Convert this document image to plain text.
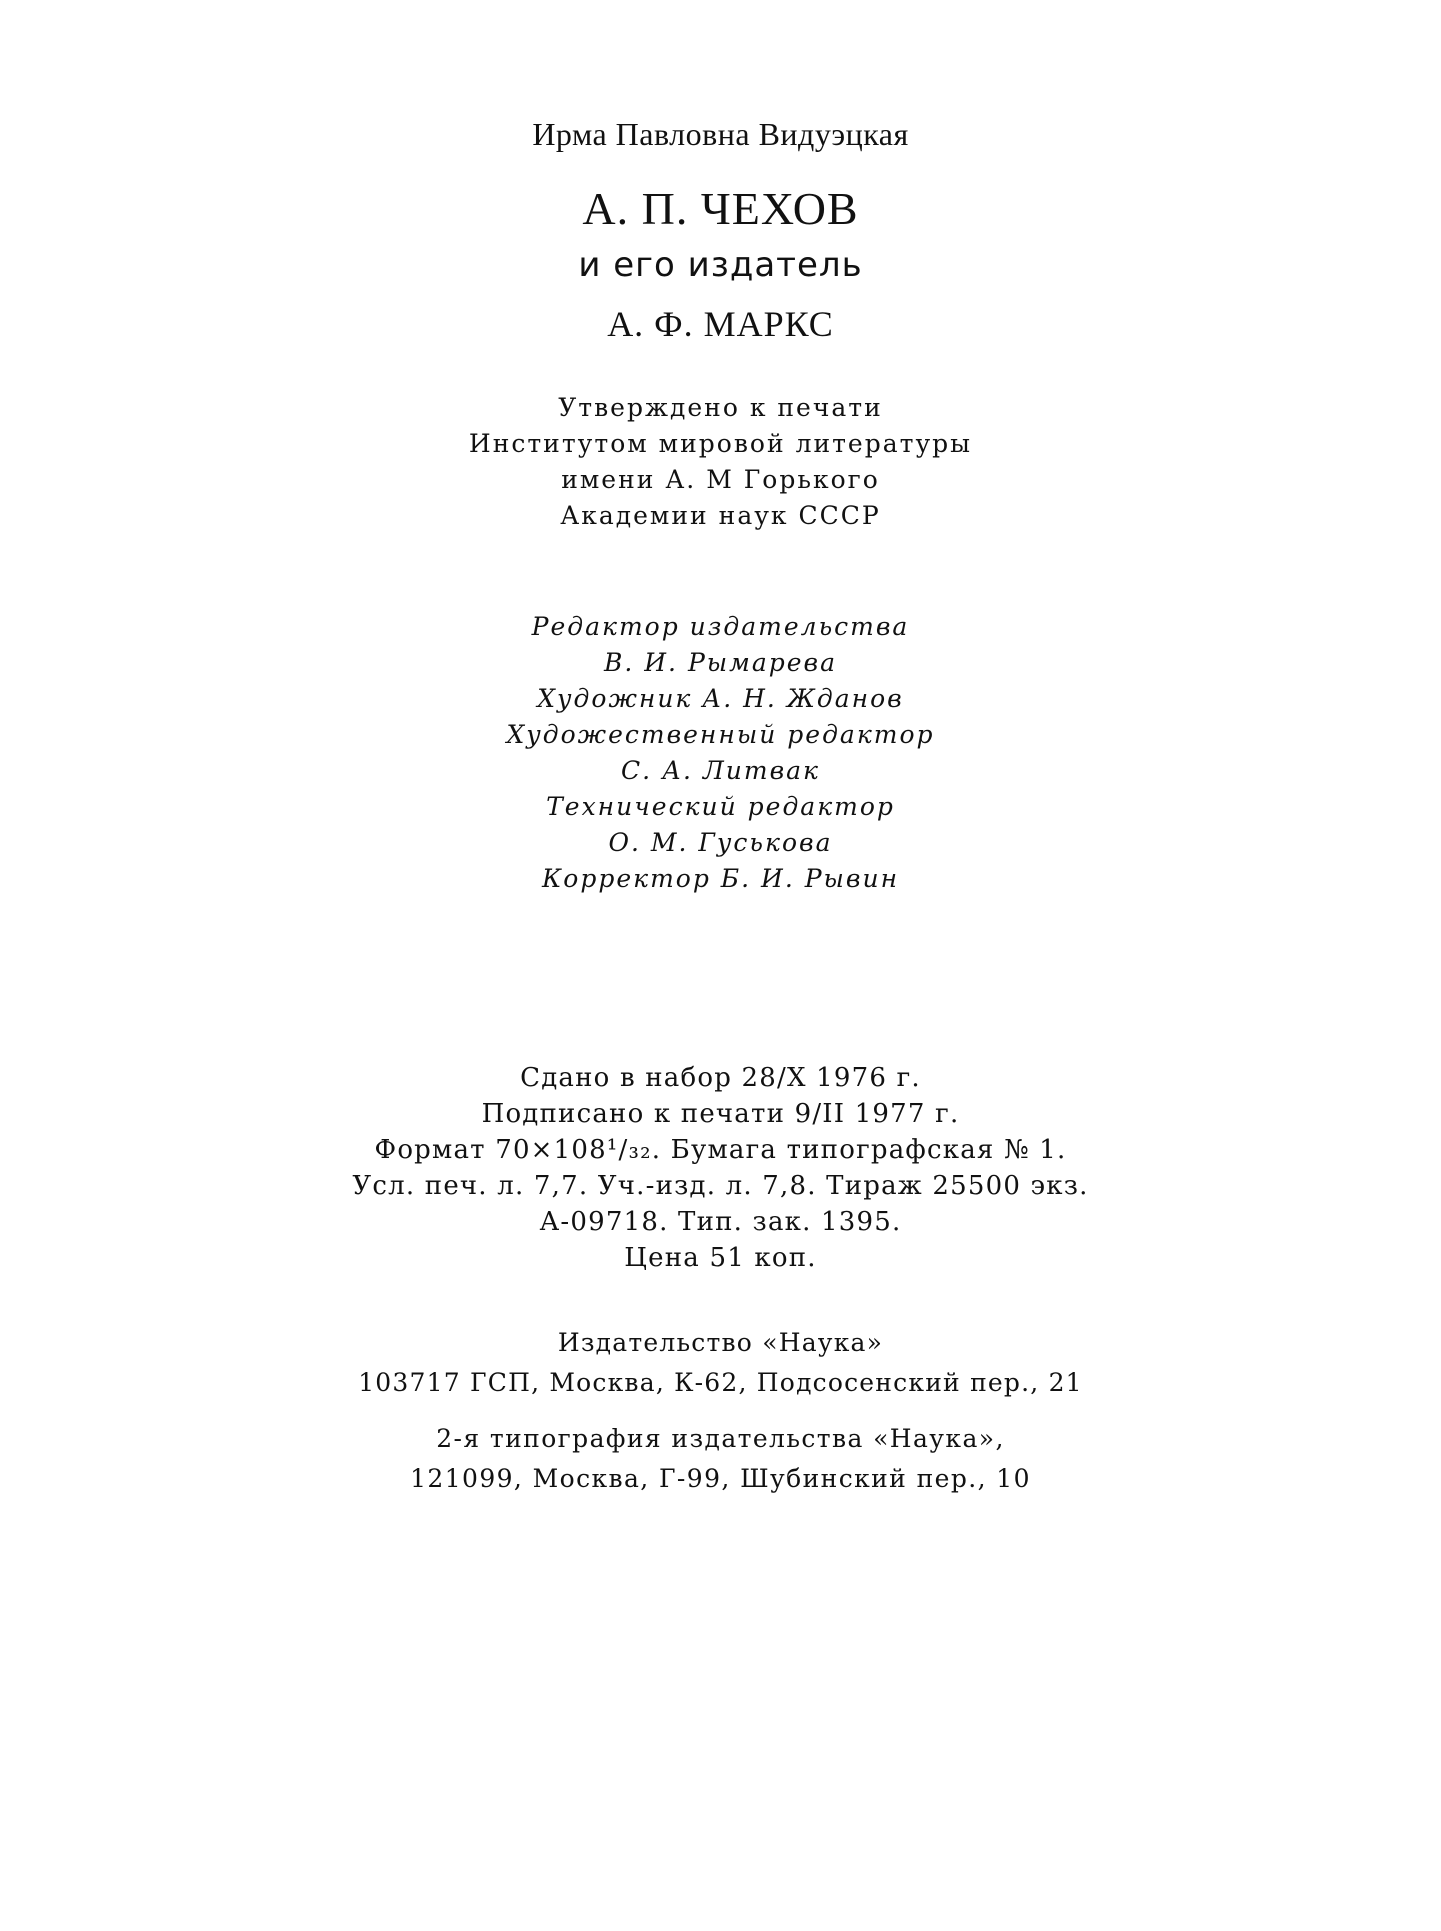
Ирма Павловна Видуэцкая
А. П. ЧЕХОВ
и его издатель
А. Ф. МАРКС
Утверждено к печати
Институтом мировой литературы
имени А. М Горького
Академии наук СССР
Редактор издательства
В. И. Рымарева
Художник А. Н. Жданов
Художественный редактор
С. А. Литвак
Технический редактор
О. М. Гуськова
Корректор Б. И. Рывин
Сдано в набор 28/X 1976 г.
Подписано к печати 9/II 1977 г.
Формат 70×108¹/₃₂. Бумага типографская № 1.
Усл. печ. л. 7,7. Уч.-изд. л. 7,8. Тираж 25500 экз.
А-09718. Тип. зак. 1395.
Цена 51 коп.
Издательство «Наука»
103717 ГСП, Москва, К-62, Подсосенский пер., 21
2-я типография издательства «Наука»,
121099, Москва, Г-99, Шубинский пер., 10
